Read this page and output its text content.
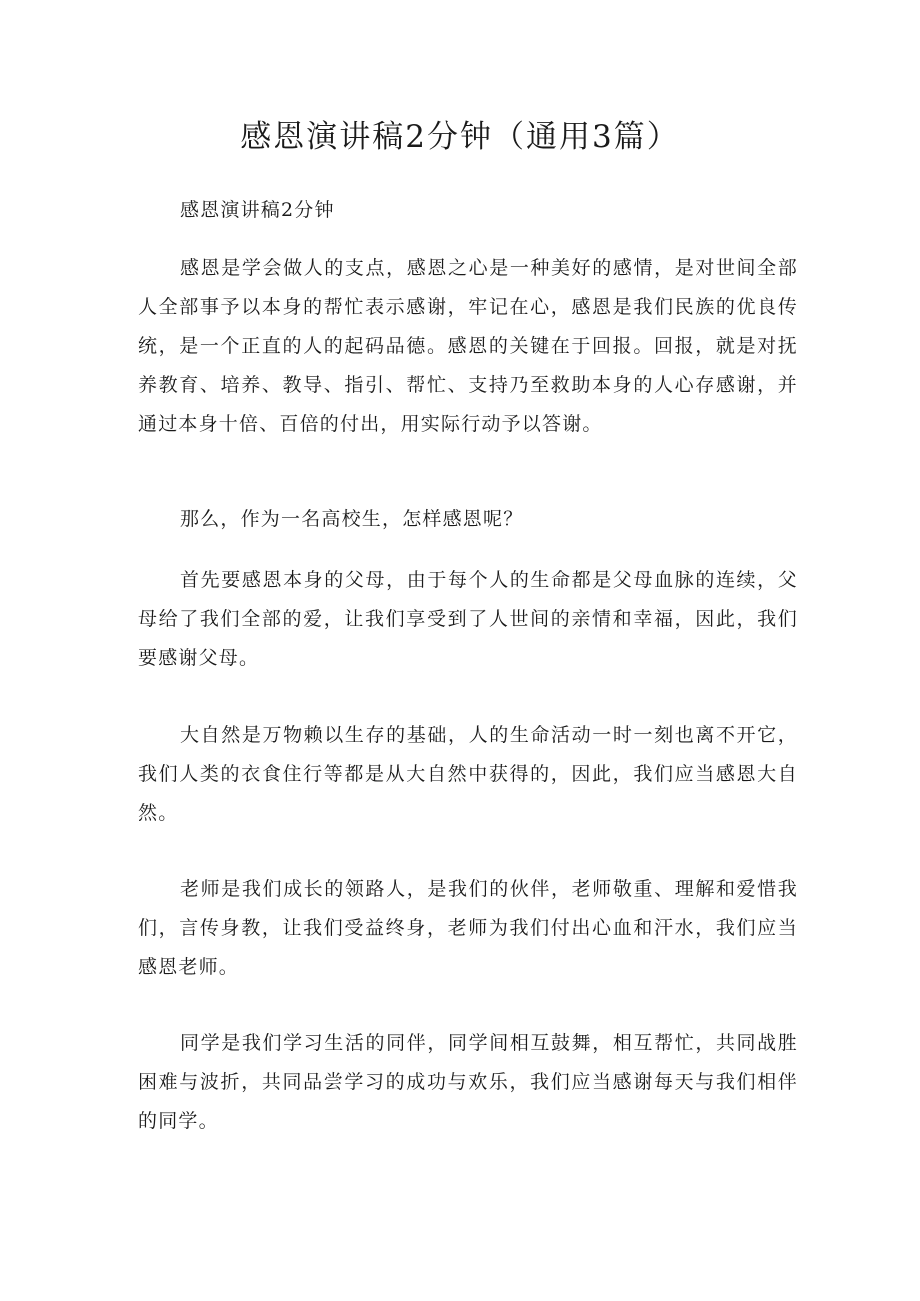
感恩演讲稿2分钟（通用3篇）

感恩演讲稿2分钟

感恩是学会做人的支点，感恩之心是一种美好的感情，是对世间全部人全部事予以本身的帮忙表示感谢，牢记在心，感恩是我们民族的优良传统，是一个正直的人的起码品德。感恩的关键在于回报。回报，就是对抚养教育、培养、教导、指引、帮忙、支持乃至救助本身的人心存感谢，并通过本身十倍、百倍的付出，用实际行动予以答谢。

那么，作为一名高校生，怎样感恩呢？

首先要感恩本身的父母，由于每个人的生命都是父母血脉的连续，父母给了我们全部的爱，让我们享受到了人世间的亲情和幸福，因此，我们要感谢父母。

大自然是万物赖以生存的基础，人的生命活动一时一刻也离不开它，我们人类的衣食住行等都是从大自然中获得的，因此，我们应当感恩大自然。

老师是我们成长的领路人，是我们的伙伴，老师敬重、理解和爱惜我们，言传身教，让我们受益终身，老师为我们付出心血和汗水，我们应当感恩老师。

同学是我们学习生活的同伴，同学间相互鼓舞，相互帮忙，共同战胜困难与波折，共同品尝学习的成功与欢乐，我们应当感谢每天与我们相伴的同学。
